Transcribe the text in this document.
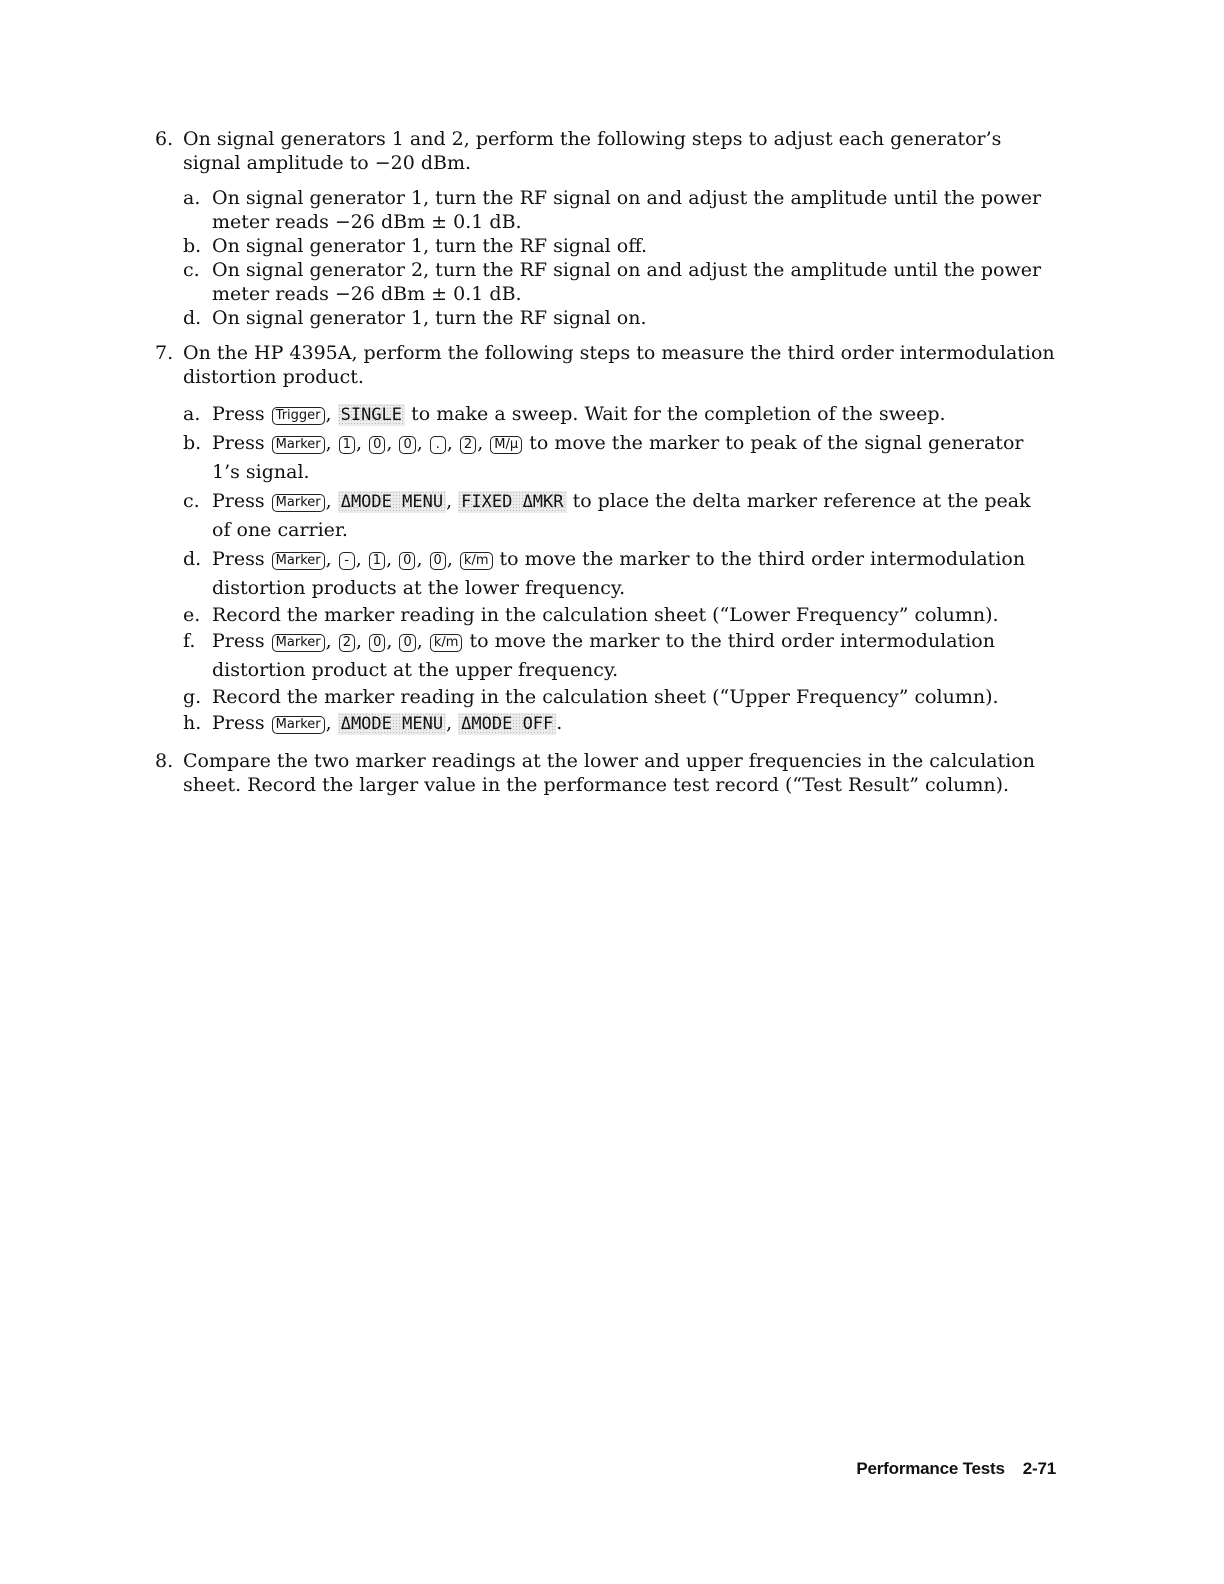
6. On signal generators 1 and 2, perform the following steps to adjust each generator’s signal amplitude to −20 dBm.
a. On signal generator 1, turn the RF signal on and adjust the amplitude until the power meter reads −26 dBm ± 0.1 dB.
b. On signal generator 1, turn the RF signal off.
c. On signal generator 2, turn the RF signal on and adjust the amplitude until the power meter reads −26 dBm ± 0.1 dB.
d. On signal generator 1, turn the RF signal on.
7. On the HP 4395A, perform the following steps to measure the third order intermodulation distortion product.
a. Press Trigger , SINGLE to make a sweep. Wait for the completion of the sweep.
b. Press Marker , 1 , 0 , 0 , . , 2 , M/μ to move the marker to peak of the signal generator 1’s signal.
c. Press Marker , ΔMODE MENU , FIXED ΔMKR to place the delta marker reference at the peak of one carrier.
d. Press Marker , - , 1 , 0 , 0 , k/m to move the marker to the third order intermodulation distortion products at the lower frequency.
e. Record the marker reading in the calculation sheet (“Lower Frequency” column).
f. Press Marker , 2 , 0 , 0 , k/m to move the marker to the third order intermodulation distortion product at the upper frequency.
g. Record the marker reading in the calculation sheet (“Upper Frequency” column).
h. Press Marker , ΔMODE MENU , ΔMODE OFF .
8. Compare the two marker readings at the lower and upper frequencies in the calculation sheet. Record the larger value in the performance test record (“Test Result” column).
Performance Tests 2-71
